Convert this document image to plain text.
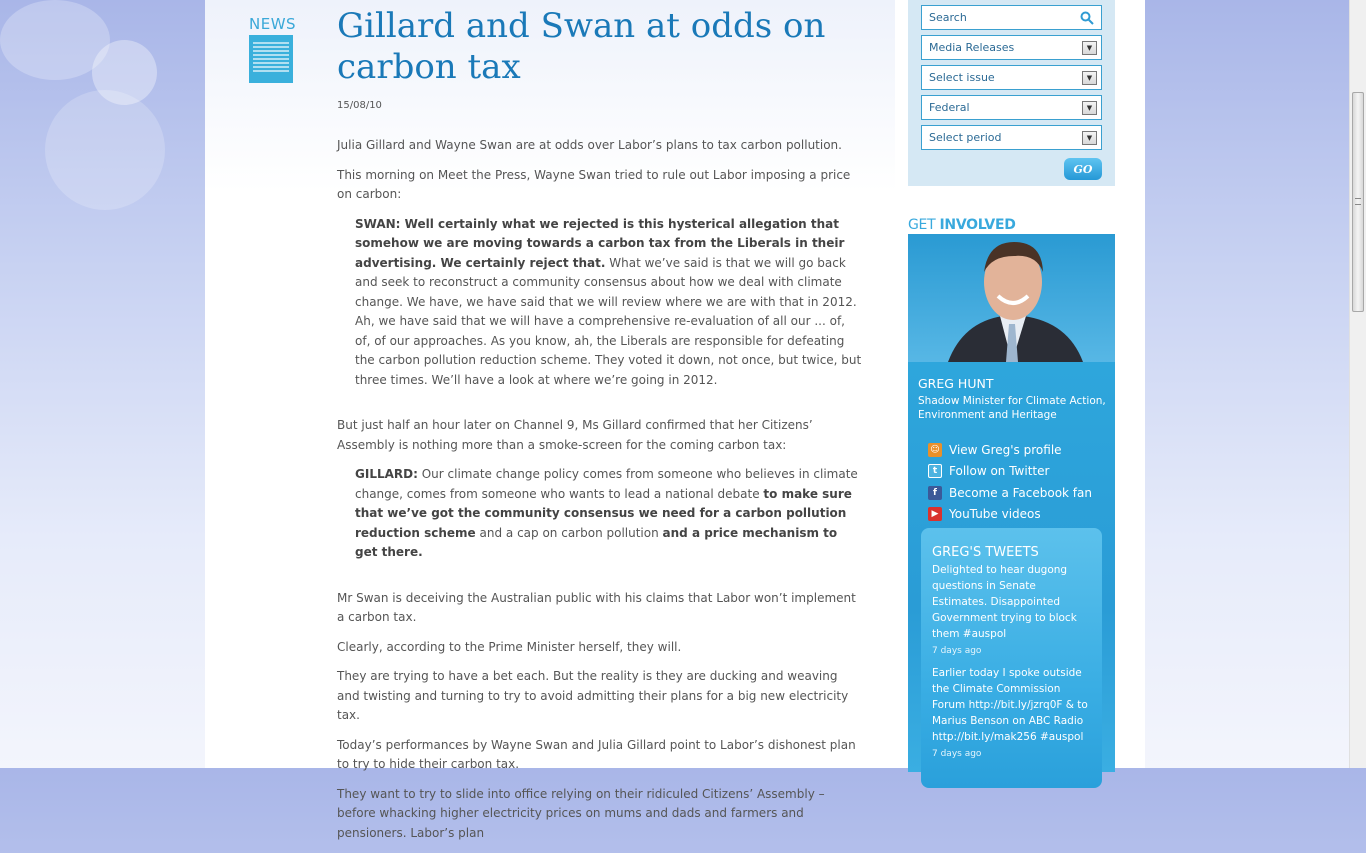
NEWS Gillard and Swan at odds on carbon tax
15/08/10

Julia Gillard and Wayne Swan are at odds over Labor’s plans to tax carbon pollution.

This morning on Meet the Press, Wayne Swan tried to rule out Labor imposing a price on carbon:

SWAN: Well certainly what we rejected is this hysterical allegation that somehow we are moving towards a carbon tax from the Liberals in their advertising. We certainly reject that. What we’ve said is that we will go back and seek to reconstruct a community consensus about how we deal with climate change. We have, we have said that we will review where we are with that in 2012. Ah, we have said that we will have a comprehensive re-evaluation of all our ... of, of, of our approaches. As you know, ah, the Liberals are responsible for defeating the carbon pollution reduction scheme. They voted it down, not once, but twice, but three times. We’ll have a look at where we’re going in 2012.

But just half an hour later on Channel 9, Ms Gillard confirmed that her Citizens’ Assembly is nothing more than a smoke-screen for the coming carbon tax:

GILLARD: Our climate change policy comes from someone who believes in climate change, comes from someone who wants to lead a national debate to make sure that we’ve got the community consensus we need for a carbon pollution reduction scheme and a cap on carbon pollution and a price mechanism to get there.

Mr Swan is deceiving the Australian public with his claims that Labor won’t implement a carbon tax.

Clearly, according to the Prime Minister herself, they will.

They are trying to have a bet each. But the reality is they are ducking and weaving and twisting and turning to try to avoid admitting their plans for a big new electricity tax.

Today’s performances by Wayne Swan and Julia Gillard point to Labor’s dishonest plan to try to hide their carbon tax.

They want to try to slide into office relying on their ridiculed Citizens’ Assembly – before whacking higher electricity prices on mums and dads and farmers and pensioners. Labor’s plan

Search
Media Releases	▼
Select issue	▼
Federal	▼
Select period	▼
GO
GET INVOLVED
GREG HUNT
Shadow Minister for Climate Action, Environment and Heritage
☺ View Greg's profile
t Follow on Twitter
f	Become a Facebook fan
▶ YouTube videos
GREG'S TWEETS
Delighted to hear dugong questions in Senate Estimates. Disappointed Government trying to block them #auspol
7 days ago
Earlier today I spoke outside the Climate Commission Forum http://bit.ly/jzrq0F & to Marius Benson on ABC Radio http://bit.ly/mak256 #auspol
7 days ago
